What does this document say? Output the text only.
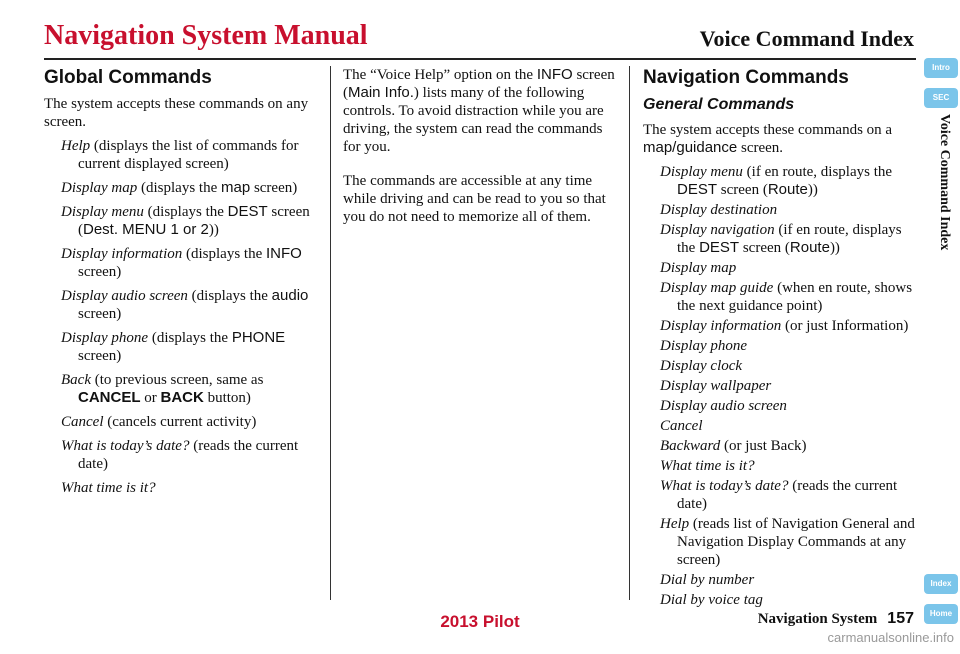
Navigation System Manual	Voice Command Index
Global Commands

The system accepts these commands on any screen.

Help (displays the list of commands for current displayed screen)
Display map (displays the map screen)
Display menu (displays the DEST screen (Dest. MENU 1 or 2))
Display information (displays the INFO screen)
Display audio screen (displays the audio screen)
Display phone (displays the PHONE screen)
Back (to previous screen, same as CANCEL or BACK button)
Cancel (cancels current activity)
What is today’s date? (reads the current date)
What time is it?

The “Voice Help” option on the INFO screen (Main Info.) lists many of the following controls. To avoid distraction while you are driving, the system can read the commands for you.

The commands are accessible at any time while driving and can be read to you so that you do not need to memorize all of them.

Navigation Commands
General Commands

The system accepts these commands on a map/guidance screen.

Display menu (if en route, displays the DEST screen (Route))
Display destination
Display navigation (if en route, displays the DEST screen (Route))
Display map
Display map guide (when en route, shows the next guidance point)
Display information (or just Information)
Display phone
Display clock
Display wallpaper
Display audio screen
Cancel
Backward (or just Back)
What time is it?
What is today’s date? (reads the current date)
Help (reads list of Navigation General and Navigation Display Commands at any screen)
Dial by number
Dial by voice tag
Intro
SEC
Voice Command Index
Index
Home
2013 Pilot	Navigation System 157
carmanualsonline.info
